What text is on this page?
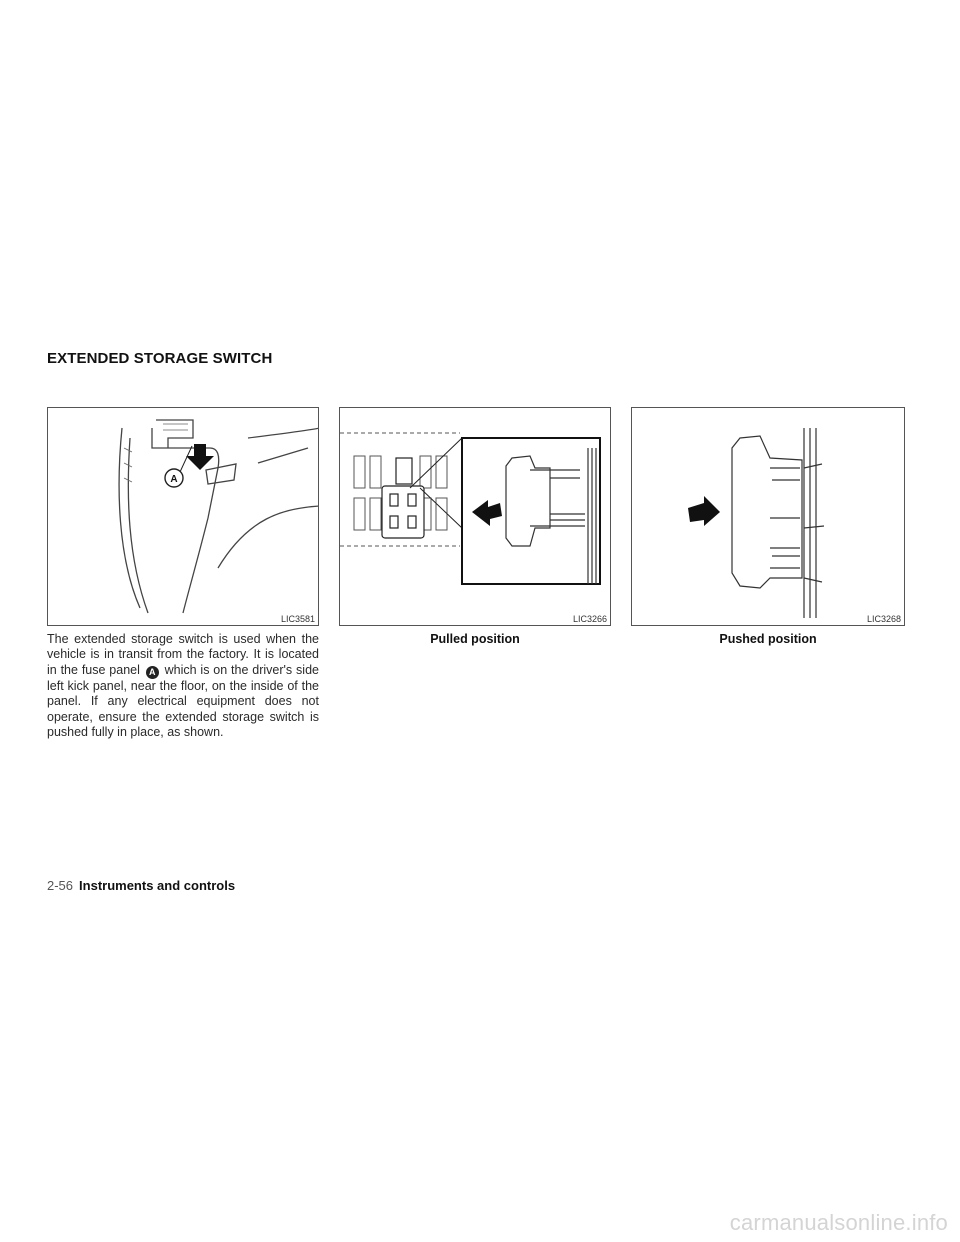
EXTENDED STORAGE SWITCH
A
LIC3581	LIC3266	LIC3268
Pulled position	Pushed position
The extended storage switch is used when the vehicle is in transit from the factory. It is located in the fuse panel A which is on the driver's side left kick panel, near the floor, on the inside of the panel. If any electrical equipment does not operate, ensure the extended storage switch is pushed fully in place, as shown.
2-56 Instruments and controls
carmanualsonline.info
